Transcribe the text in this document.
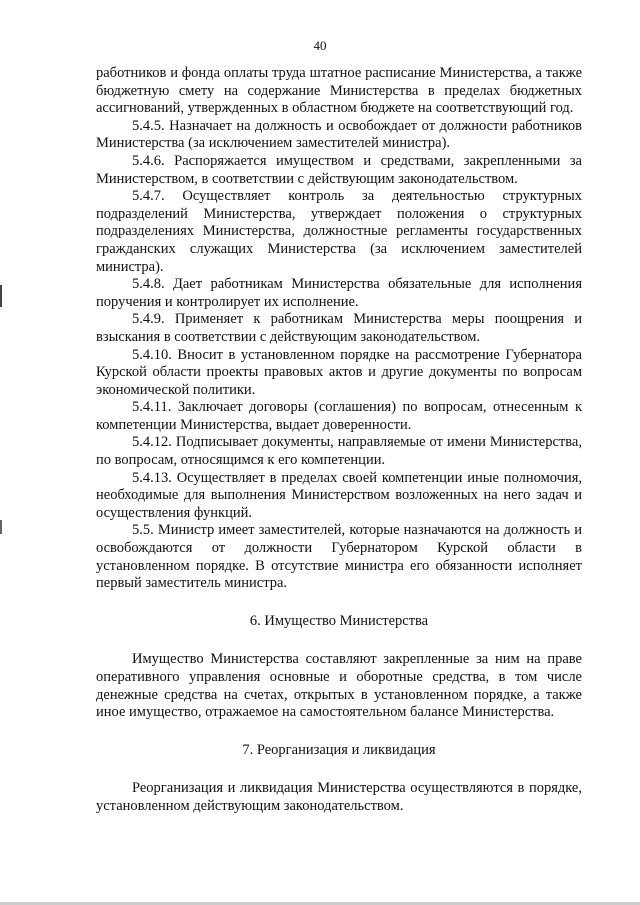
40

работников и фонда оплаты труда штатное расписание Министерства, а также бюджетную смету на содержание Министерства в пределах бюджетных ассигнований, утвержденных в областном бюджете на соответствующий год.

5.4.5. Назначает на должность и освобождает от должности работников Министерства (за исключением заместителей министра).

5.4.6. Распоряжается имуществом и средствами, закрепленными за Министерством, в соответствии с действующим законодательством.

5.4.7. Осуществляет контроль за деятельностью структурных подразделений Министерства, утверждает положения о структурных подразделениях Министерства, должностные регламенты государственных гражданских служащих Министерства (за исключением заместителей министра).

5.4.8. Дает работникам Министерства обязательные для исполнения поручения и контролирует их исполнение.

5.4.9. Применяет к работникам Министерства меры поощрения и взыскания в соответствии с действующим законодательством.

5.4.10. Вносит в установленном порядке на рассмотрение Губернатора Курской области проекты правовых актов и другие документы по вопросам экономической политики.

5.4.11. Заключает договоры (соглашения) по вопросам, отнесенным к компетенции Министерства, выдает доверенности.

5.4.12. Подписывает документы, направляемые от имени Министерства, по вопросам, относящимся к его компетенции.

5.4.13. Осуществляет в пределах своей компетенции иные полномочия, необходимые для выполнения Министерством возложенных на него задач и осуществления функций.

5.5. Министр имеет заместителей, которые назначаются на должность и освобождаются от должности Губернатором Курской области в установленном порядке. В отсутствие министра его обязанности исполняет первый заместитель министра.

6. Имущество Министерства

Имущество Министерства составляют закрепленные за ним на праве оперативного управления основные и оборотные средства, в том числе денежные средства на счетах, открытых в установленном порядке, а также иное имущество, отражаемое на самостоятельном балансе Министерства.

7. Реорганизация и ликвидация

Реорганизация и ликвидация Министерства осуществляются в порядке, установленном действующим законодательством.
